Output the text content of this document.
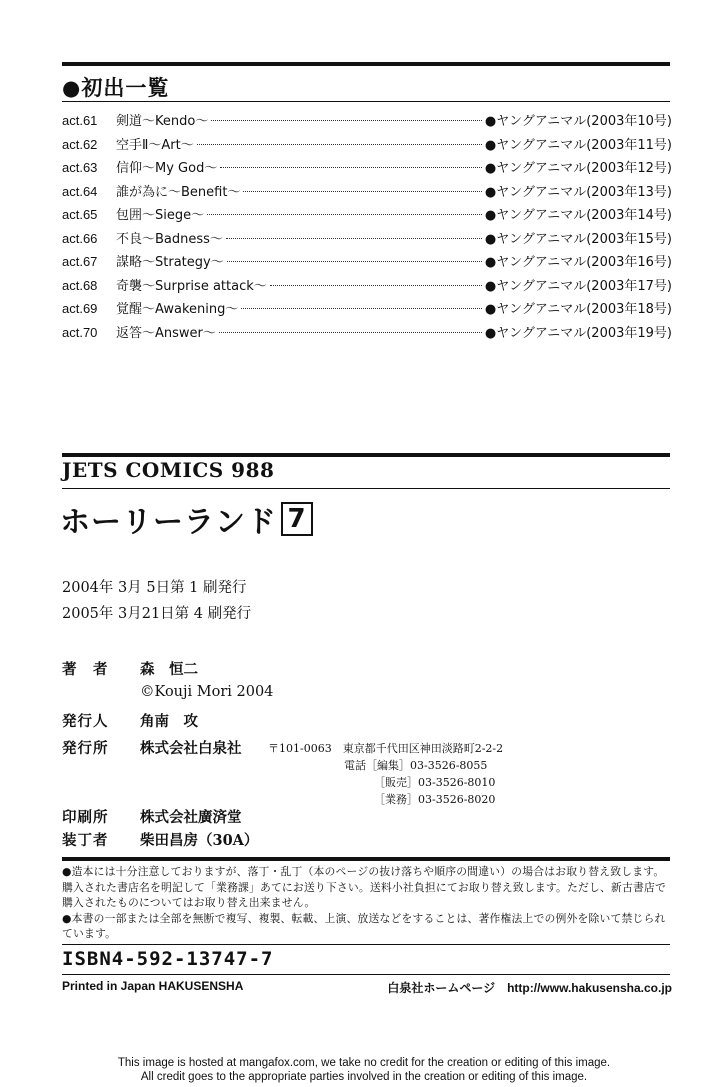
●初出一覧
act.61	剣道～Kendo～	●ヤングアニマル(2003年10号)
act.62	空手Ⅱ～Art～	●ヤングアニマル(2003年11号)
act.63	信仰～My God～	●ヤングアニマル(2003年12号)
act.64	誰が為に～Benefit～	●ヤングアニマル(2003年13号)
act.65	包囲～Siege～	●ヤングアニマル(2003年14号)
act.66	不良～Badness～	●ヤングアニマル(2003年15号)
act.67	謀略～Strategy～	●ヤングアニマル(2003年16号)
act.68	奇襲～Surprise attack～	●ヤングアニマル(2003年17号)
act.69	覚醒～Awakening～	●ヤングアニマル(2003年18号)
act.70	返答～Answer～	●ヤングアニマル(2003年19号)
JETS COMICS 988
ホーリーランド 7
2004年 3月 5日第 1 刷発行
2005年 3月21日第 4 刷発行
著　者 森　恒二
©Kouji Mori 2004
発行人 角南　攻
発行所 株式会社白泉社 〒101-0063　東京都千代田区神田淡路町2-2-2
電話［編集］03-3526-8055
［販売］03-3526-8010
［業務］03-3526-8020
印刷所 株式会社廣済堂
装丁者 柴田昌房（30A）

●造本には十分注意しておりますが、落丁・乱丁（本のページの抜け落ちや順序の間違い）の場合はお取り替え致します。購入された書店名を明記して「業務課」あてにお送り下さい。送料小社負担にてお取り替え致します。ただし、新古書店で購入されたものについてはお取り替え出来ません。

●本書の一部または全部を無断で複写、複製、転載、上演、放送などをすることは、著作権法上での例外を除いて禁じられています。

ISBN4-592-13747-7
Printed in Japan HAKUSENSHA	白泉社ホームページ　http://www.hakusensha.co.jp
This image is hosted at mangafox.com, we take no credit for the creation or editing of this image.
All credit goes to the appropriate parties involved in the creation or editing of this image.
